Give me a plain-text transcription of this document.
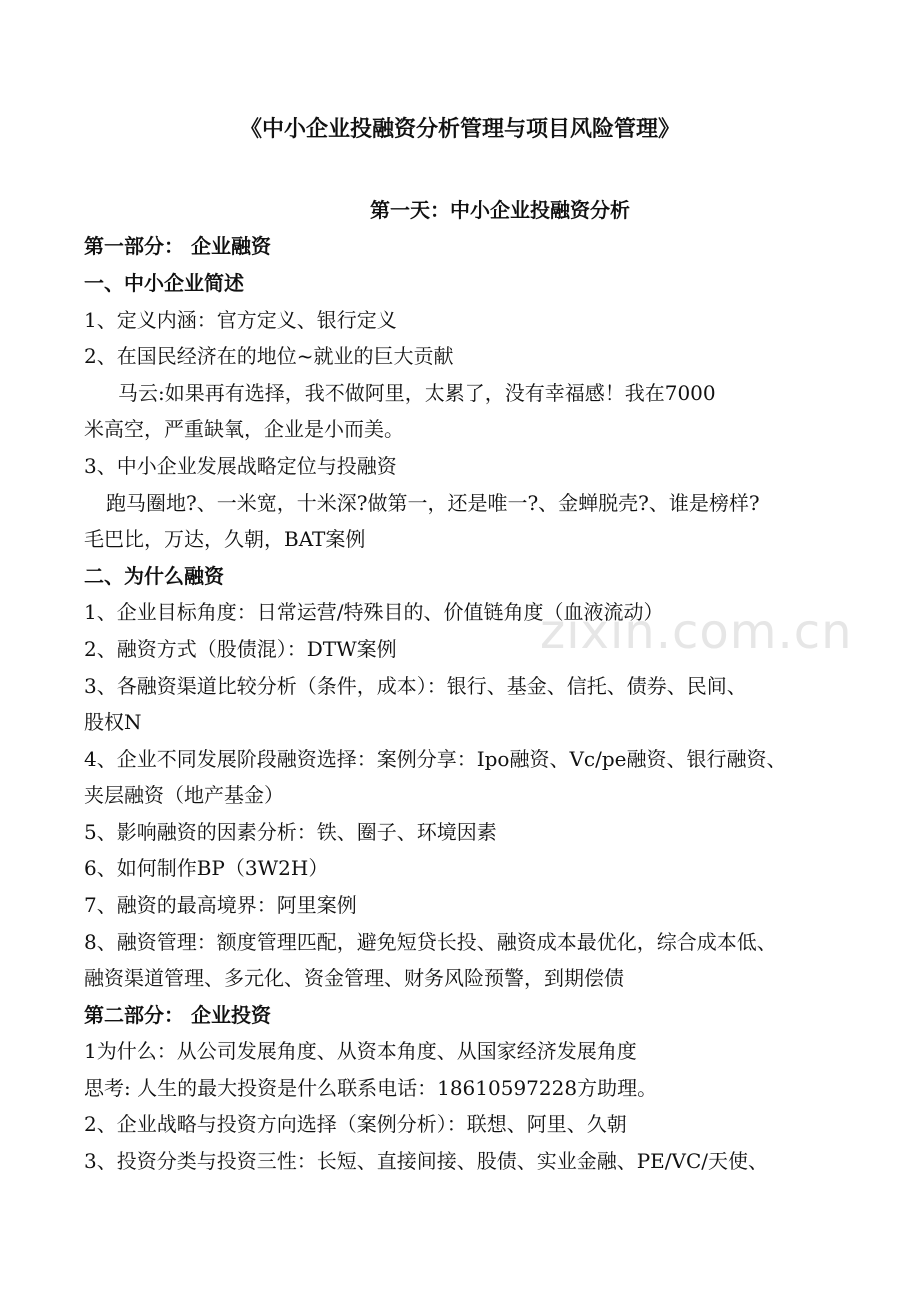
zixin.com.cn
《中小企业投融资分析管理与项目风险管理》
第一天：中小企业投融资分析
第一部分： 企业融资
一、中小企业简述
1、定义内涵：官方定义、银行定义
2、在国民经济在的地位~就业的巨大贡献
马云:如果再有选择，我不做阿里，太累了，没有幸福感！我在7000
米高空，严重缺氧，企业是小而美。
3、中小企业发展战略定位与投融资
跑马圈地?、一米宽，十米深?做第一，还是唯一?、金蝉脱壳?、谁是榜样?
毛巴比，万达，久朝，BAT案例
二、为什么融资
1、企业目标角度：日常运营/特殊目的、价值链角度（血液流动）
2、融资方式（股债混）：DTW案例
3、各融资渠道比较分析（条件，成本）：银行、基金、信托、债券、民间、
股权N
4、企业不同发展阶段融资选择：案例分享：Ipo融资、Vc/pe融资、银行融资、
夹层融资（地产基金）
5、影响融资的因素分析：铁、圈子、环境因素
6、如何制作BP（3W2H）
7、融资的最高境界：阿里案例
8、融资管理：额度管理匹配，避免短贷长投、融资成本最优化，综合成本低、
融资渠道管理、多元化、资金管理、财务风险预警，到期偿债
第二部分： 企业投资
1为什么：从公司发展角度、从资本角度、从国家经济发展角度
思考: 人生的最大投资是什么联系电话：18610597228方助理。
2、企业战略与投资方向选择（案例分析）：联想、阿里、久朝
3、投资分类与投资三性：长短、直接间接、股债、实业金融、PE/VC/天使、
